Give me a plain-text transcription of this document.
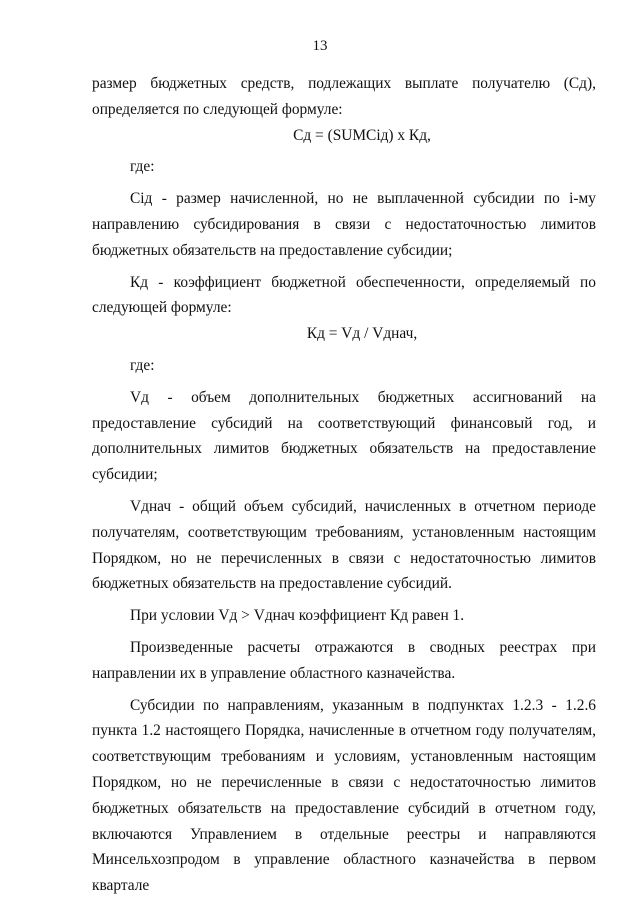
13

размер бюджетных средств, подлежащих выплате получателю (Сд), определяется по следующей формуле:

Сд = (SUMCiд) х Кд,

где:

Сiд - размер начисленной, но не выплаченной субсидии по i-му направлению субсидирования в связи с недостаточностью лимитов бюджетных обязательств на предоставление субсидии;

Кд - коэффициент бюджетной обеспеченности, определяемый по следующей формуле:

Кд = Vд / Vднач,

где:

Vд - объем дополнительных бюджетных ассигнований на предоставление субсидий на соответствующий финансовый год, и дополнительных лимитов бюджетных обязательств на предоставление субсидии;

Vднач - общий объем субсидий, начисленных в отчетном периоде получателям, соответствующим требованиям, установленным настоящим Порядком, но не перечисленных в связи с недостаточностью лимитов бюджетных обязательств на предоставление субсидий.

При условии Vд > Vднач коэффициент Кд равен 1.

Произведенные расчеты отражаются в сводных реестрах при направлении их в управление областного казначейства.

Субсидии по направлениям, указанным в подпунктах 1.2.3 - 1.2.6 пункта 1.2 настоящего Порядка, начисленные в отчетном году получателям, соответствующим требованиям и условиям, установленным настоящим Порядком, но не перечисленные в связи с недостаточностью лимитов бюджетных обязательств на предоставление субсидий в отчетном году, включаются Управлением в отдельные реестры и направляются Минсельхозпродом в управление областного казначейства в первом квартале
